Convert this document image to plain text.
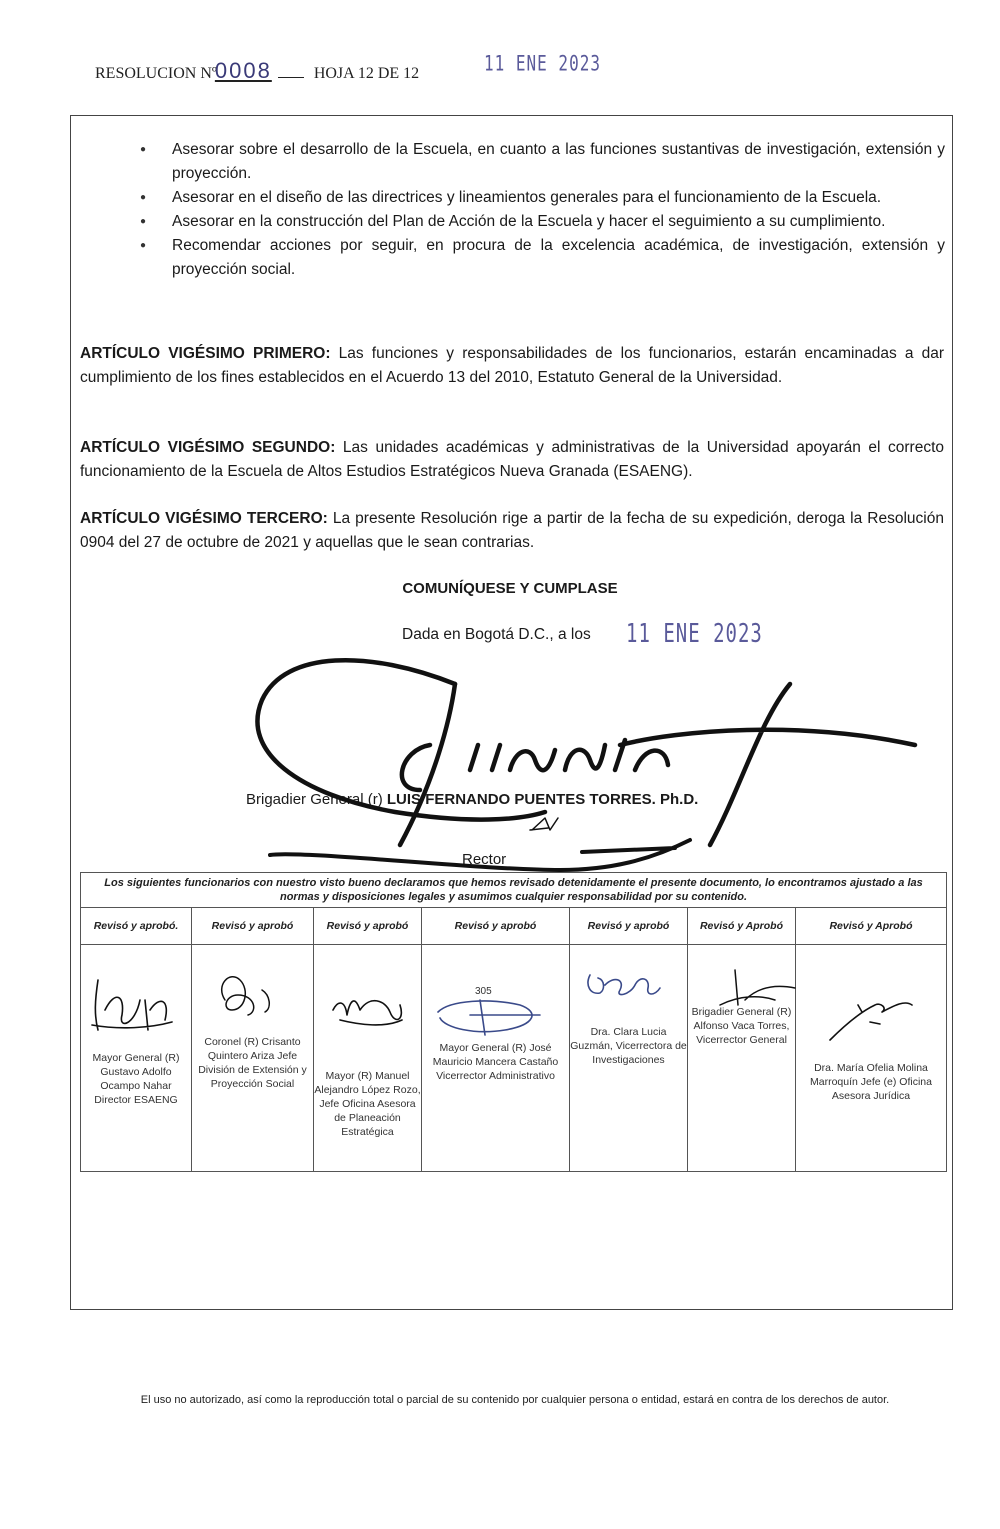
RESOLUCION Nº 0008	HOJA 12 DE 12	11 ENE 2023
● Asesorar sobre el desarrollo de la Escuela, en cuanto a las funciones sustantivas de investigación, extensión y proyección.
● Asesorar en el diseño de las directrices y lineamientos generales para el funcionamiento de la Escuela.
● Asesorar en la construcción del Plan de Acción de la Escuela y hacer el seguimiento a su cumplimiento.
● Recomendar acciones por seguir, en procura de la excelencia académica, de investigación, extensión y proyección social.

ARTÍCULO VIGÉSIMO PRIMERO: Las funciones y responsabilidades de los funcionarios, estarán encaminadas a dar cumplimiento de los fines establecidos en el Acuerdo 13 del 2010, Estatuto General de la Universidad.

ARTÍCULO VIGÉSIMO SEGUNDO: Las unidades académicas y administrativas de la Universidad apoyarán el correcto funcionamiento de la Escuela de Altos Estudios Estratégicos Nueva Granada (ESAENG).

ARTÍCULO VIGÉSIMO TERCERO: La presente Resolución rige a partir de la fecha de su expedición, deroga la Resolución 0904 del 27 de octubre de 2021 y aquellas que le sean contrarias.

COMUNÍQUESE Y CUMPLASE
Dada en Bogotá D.C., a los 11 ENE 2023
Brigadier General (r) LUIS FERNANDO PUENTES TORRES. Ph.D.
Rector
Los siguientes funcionarios con nuestro visto bueno declaramos que hemos revisado detenidamente el presente documento, lo encontramos ajustado a las normas y disposiciones legales y asumimos cualquier responsabilidad por su contenido.						
Revisó y aprobó.	Revisó y aprobó	Revisó y aprobó	Revisó y aprobó	Revisó y aprobó	Revisó y Aprobó	Revisó y Aprobó

Mayor General (R) Gustavo Adolfo Ocampo Nahar Director ESAENG	Coronel (R) Crisanto Quintero Ariza Jefe División de Extensión y Proyección Social	Mayor (R) Manuel Alejandro López Rozo, Jefe Oficina Asesora de Planeación Estratégica	Mayor General (R) José Mauricio Mancera Castaño Vicerrector Administrativo	Dra. Clara Lucia Guzmán, Vicerrectora de Investigaciones	Brigadier General (R) Alfonso Vaca Torres, Vicerrector General	Dra. María Ofelia Molina Marroquín Jefe (e) Oficina Asesora Jurídica
305
El uso no autorizado, así como la reproducción total o parcial de su contenido por cualquier persona o entidad, estará en contra de los derechos de autor.
